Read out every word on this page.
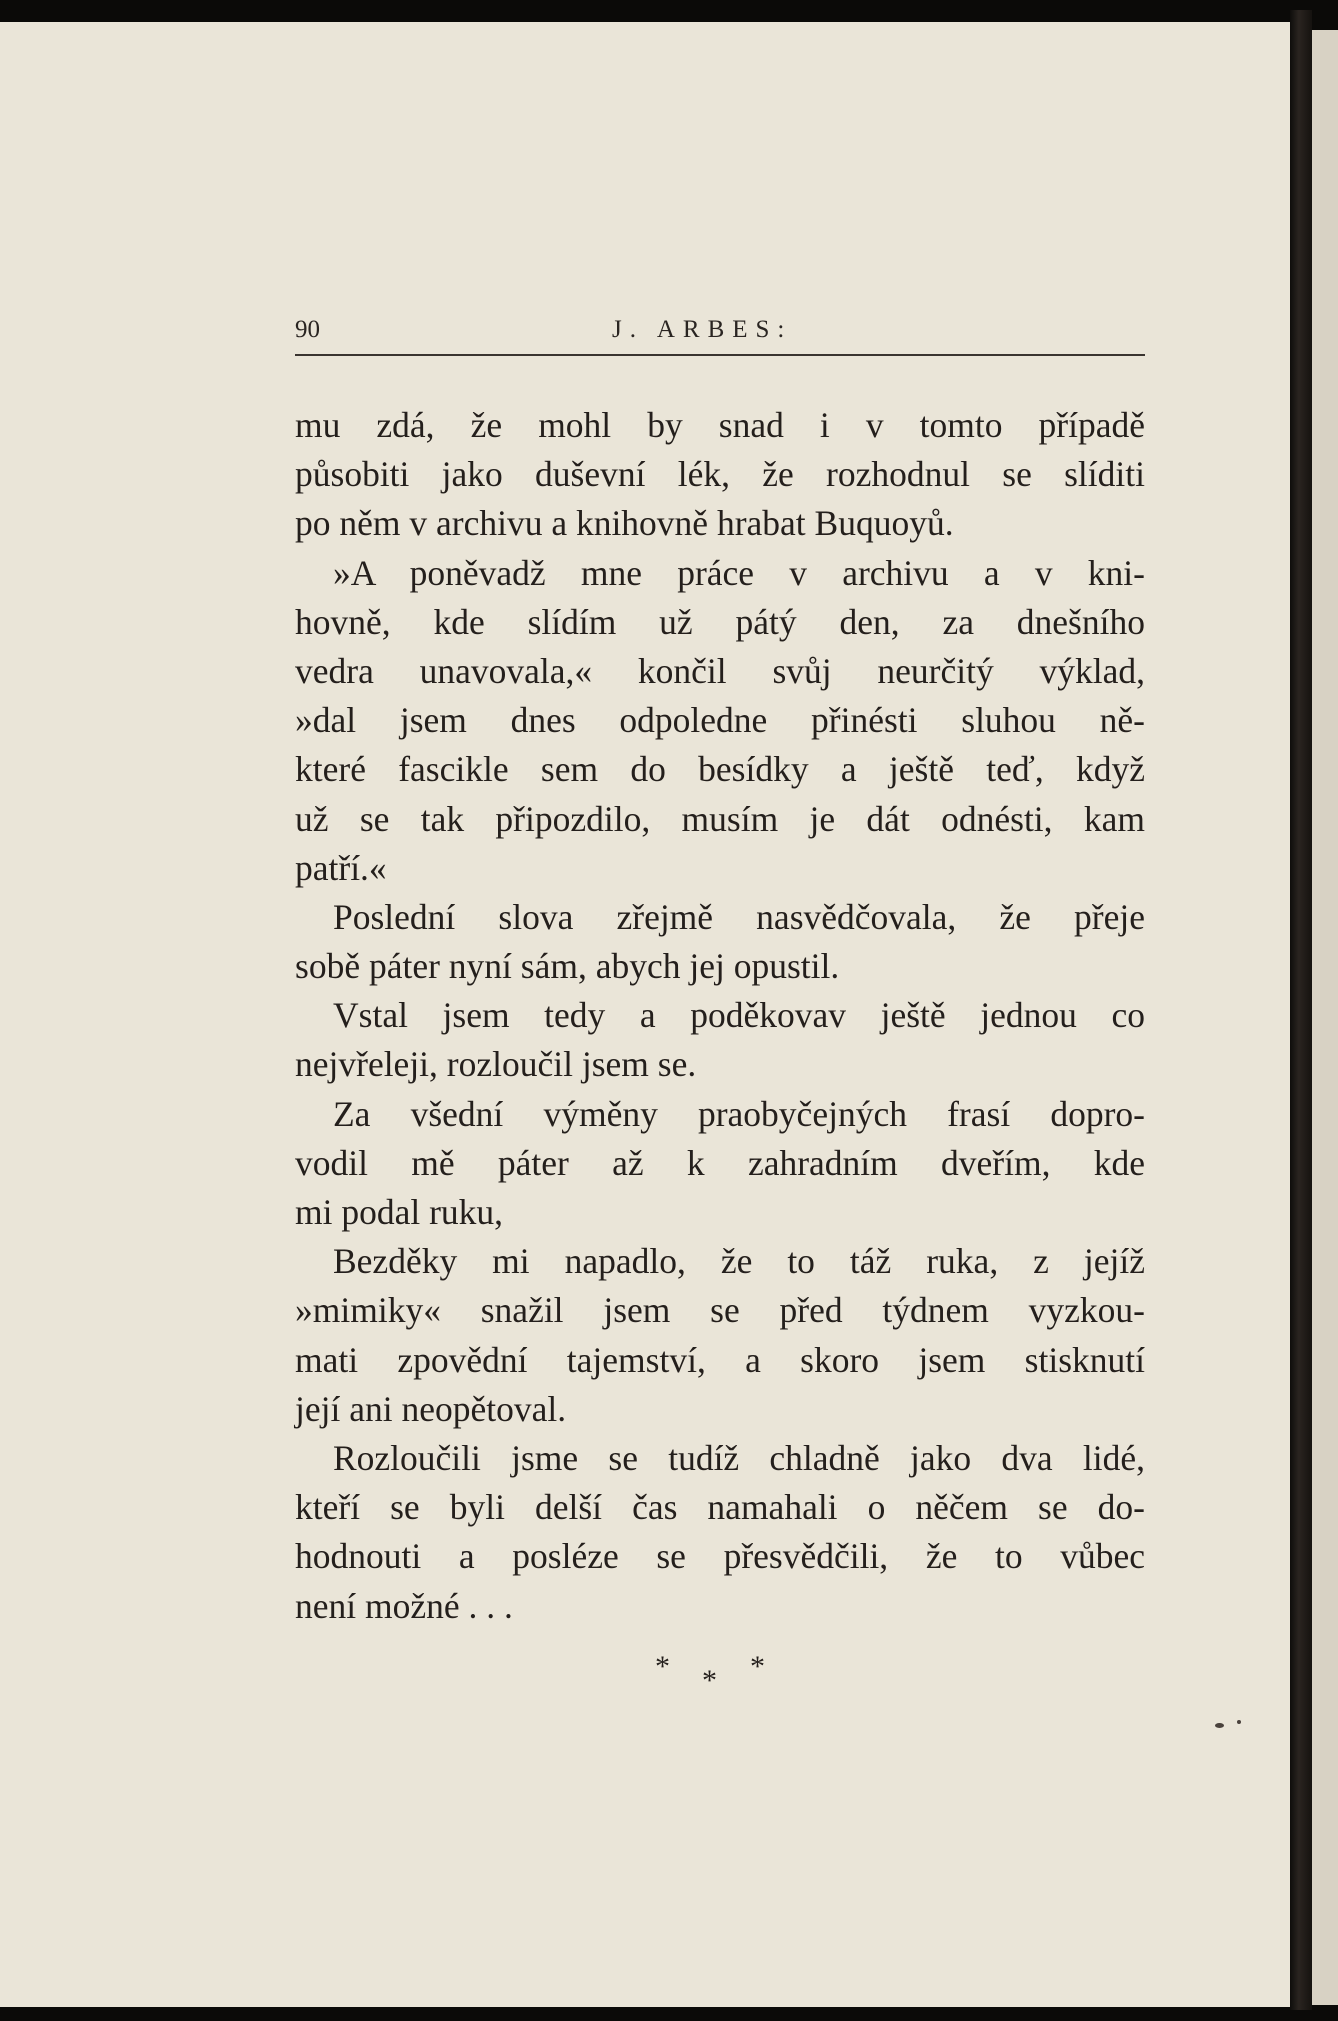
90	J. ARBES:
mu zdá, že mohl by snad i v tomto případě
působiti jako duševní lék, že rozhodnul se slíditi
po něm v archivu a knihovně hrabat Buquoyů.
»A poněvadž mne práce v archivu a v kni-
hovně, kde slídím už pátý den, za dnešního
vedra unavovala,« končil svůj neurčitý výklad,
»dal jsem dnes odpoledne přinésti sluhou ně-
které fascikle sem do besídky a ještě teď, když
už se tak připozdilo, musím je dát odnésti, kam
patří.«
Poslední slova zřejmě nasvědčovala, že přeje
sobě páter nyní sám, abych jej opustil.
Vstal jsem tedy a poděkovav ještě jednou co
nejvřeleji, rozloučil jsem se.
Za všední výměny praobyčejných frasí dopro-
vodil mě páter až k zahradním dveřím, kde
mi podal ruku,
Bezděky mi napadlo, že to táž ruka, z jejíž
»mimiky« snažil jsem se před týdnem vyzkou-
mati zpovědní tajemství, a skoro jsem stisknutí
její ani neopětoval.
Rozloučili jsme se tudíž chladně jako dva lidé,
kteří se byli delší čas namahali o něčem se do-
hodnouti a posléze se přesvědčili, že to vůbec
není možné . . .
* * *
